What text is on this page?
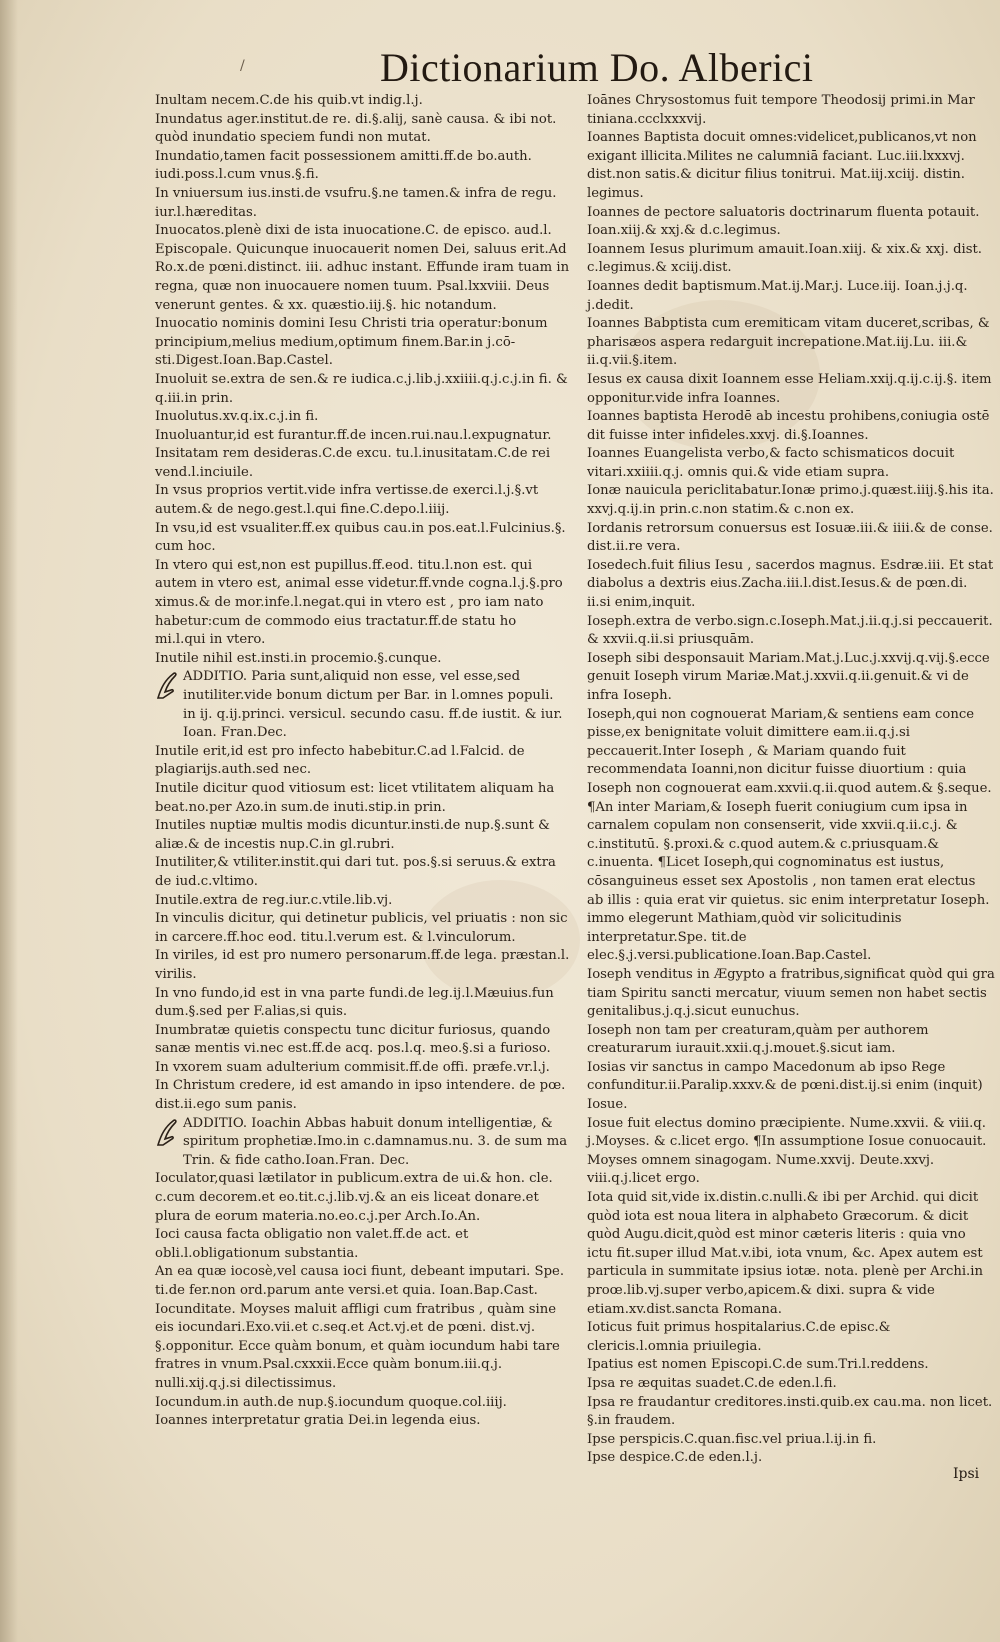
/	Dictionarium Do. Alberici

Inultam necem.C.de his quib.vt indig.l.j.

Inundatus ager.institut.de re. di.§.alij, sanè causa. & ibi not. quòd inundatio speciem fundi non mutat.

Inundatio,tamen facit possessionem amitti.ff.de bo.auth. iudi.poss.l.cum vnus.§.fi.

In vniuersum ius.insti.de vsufru.§.ne tamen.& infra de regu. iur.l.hæreditas.

Inuocatos.plenè dixi de ista inuocatione.C. de episco. aud.l. Episcopale. Quicunque inuocauerit nomen Dei, saluus erit.Ad Ro.x.de pœni.distinct. iii. adhuc instant. Effunde iram tuam in regna, quæ non inuocauere nomen tuum. Psal.lxxviii. Deus venerunt gentes. & xx. quæstio.iij.§. hic notandum.

Inuocatio nominis domini Iesu Christi tria operatur:bonum principium,melius medium,optimum finem.Bar.in j.cō-sti.Digest.Ioan.Bap.Castel.

Inuoluit se.extra de sen.& re iudica.c.j.lib.j.xxiiii.q.j.c.j.in fi. & q.iii.in prin.

Inuolutus.xv.q.ix.c.j.in fi.

Inuoluantur,id est furantur.ff.de incen.rui.nau.l.expugnatur.

Insitatam rem desideras.C.de excu. tu.l.inusitatam.C.de rei vend.l.inciuile.

In vsus proprios vertit.vide infra vertisse.de exerci.l.j.§.vt autem.& de nego.gest.l.qui fine.C.depo.l.iiij.

In vsu,id est vsualiter.ff.ex quibus cau.in pos.eat.l.Fulcinius.§. cum hoc.

In vtero qui est,non est pupillus.ff.eod. titu.l.non est. qui autem in vtero est, animal esse videtur.ff.vnde cogna.l.j.§.pro ximus.& de mor.infe.l.negat.qui in vtero est , pro iam nato habetur:cum de commodo eius tractatur.ff.de statu ho mi.l.qui in vtero.

Inutile nihil est.insti.in procemio.§.cunque.

ADDITIO. Paria sunt,aliquid non esse, vel esse,sed inutiliter.vide bonum dictum per Bar. in l.omnes populi. in ij. q.ij.princi. versicul. secundo casu. ff.de iustit. & iur. Ioan. Fran.Dec.

Inutile erit,id est pro infecto habebitur.C.ad l.Falcid. de plagiarijs.auth.sed nec.

Inutile dicitur quod vitiosum est: licet vtilitatem aliquam ha beat.no.per Azo.in sum.de inuti.stip.in prin.

Inutiles nuptiæ multis modis dicuntur.insti.de nup.§.sunt & aliæ.& de incestis nup.C.in gl.rubri.

Inutiliter,& vtiliter.instit.qui dari tut. pos.§.si seruus.& extra de iud.c.vltimo.

Inutile.extra de reg.iur.c.vtile.lib.vj.

In vinculis dicitur, qui detinetur publicis, vel priuatis : non sic in carcere.ff.hoc eod. titu.l.verum est. & l.vinculorum.

In viriles, id est pro numero personarum.ff.de lega. præstan.l. virilis.

In vno fundo,id est in vna parte fundi.de leg.ij.l.Mæuius.fun dum.§.sed per F.alias,si quis.

Inumbratæ quietis conspectu tunc dicitur furiosus, quando sanæ mentis vi.nec est.ff.de acq. pos.l.q. meo.§.si a furioso.

In vxorem suam adulterium commisit.ff.de offi. præfe.vr.l.j.

In Christum credere, id est amando in ipso intendere. de pœ. dist.ii.ego sum panis.

ADDITIO. Ioachin Abbas habuit donum intelligentiæ, & spiritum prophetiæ.Imo.in c.damnamus.nu. 3. de sum ma Trin. & fide catho.Ioan.Fran. Dec.

Ioculator,quasi lætilator in publicum.extra de ui.& hon. cle. c.cum decorem.et eo.tit.c.j.lib.vj.& an eis liceat donare.et plura de eorum materia.no.eo.c.j.per Arch.Io.An.

Ioci causa facta obligatio non valet.ff.de act. et obli.l.obligationum substantia.

An ea quæ iocosè,vel causa ioci fiunt, debeant imputari. Spe. ti.de fer.non ord.parum ante versi.et quia. Ioan.Bap.Cast.

Iocunditate. Moyses maluit affligi cum fratribus , quàm sine eis iocundari.Exo.vii.et c.seq.et Act.vj.et de pœni. dist.vj. §.opponitur. Ecce quàm bonum, et quàm iocundum habi tare fratres in vnum.Psal.cxxxii.Ecce quàm bonum.iii.q.j. nulli.xij.q.j.si dilectissimus.

Iocundum.in auth.de nup.§.iocundum quoque.col.iiij.

Ioannes interpretatur gratia Dei.in legenda eius.

Ioānes Chrysostomus fuit tempore Theodosij primi.in Mar tiniana.ccclxxxvij.

Ioannes Baptista docuit omnes:videlicet,publicanos,vt non exigant illicita.Milites ne calumniā faciant. Luc.iii.lxxxvj. dist.non satis.& dicitur filius tonitrui. Mat.iij.xciij. distin. legimus.

Ioannes de pectore saluatoris doctrinarum fluenta potauit. Ioan.xiij.& xxj.& d.c.legimus.

Ioannem Iesus plurimum amauit.Ioan.xiij. & xix.& xxj. dist. c.legimus.& xciij.dist.

Ioannes dedit baptismum.Mat.ij.Mar.j. Luce.iij. Ioan.j.j.q. j.dedit.

Ioannes Babptista cum eremiticam vitam duceret,scribas, & pharisæos aspera redarguit increpatione.Mat.iij.Lu. iii.& ii.q.vii.§.item.

Iesus ex causa dixit Ioannem esse Heliam.xxij.q.ij.c.ij.§. item opponitur.vide infra Ioannes.

Ioannes baptista Herodē ab incestu prohibens,coniugia ostē dit fuisse inter infideles.xxvj. di.§.Ioannes.

Ioannes Euangelista verbo,& facto schismaticos docuit vitari.xxiiii.q.j. omnis qui.& vide etiam supra.

Ionæ nauicula periclitabatur.Ionæ primo.j.quæst.iiij.§.his ita. xxvj.q.ij.in prin.c.non statim.& c.non ex.

Iordanis retrorsum conuersus est Iosuæ.iii.& iiii.& de conse. dist.ii.re vera.

Iosedech.fuit filius Iesu , sacerdos magnus. Esdræ.iii. Et stat diabolus a dextris eius.Zacha.iii.l.dist.Iesus.& de pœn.di. ii.si enim,inquit.

Ioseph.extra de verbo.sign.c.Ioseph.Mat.j.ii.q.j.si peccauerit. & xxvii.q.ii.si priusquām.

Ioseph sibi desponsauit Mariam.Mat.j.Luc.j.xxvij.q.vij.§.ecce genuit Ioseph virum Mariæ.Mat.j.xxvii.q.ii.genuit.& vi de infra Ioseph.

Ioseph,qui non cognouerat Mariam,& sentiens eam conce pisse,ex benignitate voluit dimittere eam.ii.q.j.si peccauerit.Inter Ioseph , & Mariam quando fuit recommendata Ioanni,non dicitur fuisse diuortium : quia Ioseph non cognouerat eam.xxvii.q.ii.quod autem.& §.seque. ¶An inter Mariam,& Ioseph fuerit coniugium cum ipsa in carnalem copulam non consenserit, vide xxvii.q.ii.c.j. & c.institutū. §.proxi.& c.quod autem.& c.priusquam.& c.inuenta. ¶Licet Ioseph,qui cognominatus est iustus, cōsanguineus esset sex Apostolis , non tamen erat electus ab illis : quia erat vir quietus. sic enim interpretatur Ioseph. immo elegerunt Mathiam,quòd vir solicitudinis interpretatur.Spe. tit.de elec.§.j.versi.publicatione.Ioan.Bap.Castel.

Ioseph venditus in Ægypto a fratribus,significat quòd qui gra tiam Spiritu sancti mercatur, viuum semen non habet sectis genitalibus.j.q.j.sicut eunuchus.

Ioseph non tam per creaturam,quàm per authorem creaturarum iurauit.xxii.q.j.mouet.§.sicut iam.

Iosias vir sanctus in campo Macedonum ab ipso Rege confunditur.ii.Paralip.xxxv.& de pœni.dist.ij.si enim (inquit) Iosue.

Iosue fuit electus domino præcipiente. Nume.xxvii. & viii.q. j.Moyses. & c.licet ergo. ¶In assumptione Iosue conuocauit. Moyses omnem sinagogam. Nume.xxvij. Deute.xxvj. viii.q.j.licet ergo.

Iota quid sit,vide ix.distin.c.nulli.& ibi per Archid. qui dicit quòd iota est noua litera in alphabeto Græcorum. & dicit quòd Augu.dicit,quòd est minor cæteris literis : quia vno ictu fit.super illud Mat.v.ibi, iota vnum, &c. Apex autem est particula in summitate ipsius iotæ. nota. plenè per Archi.in proœ.lib.vj.super verbo,apicem.& dixi. supra & vide etiam.xv.dist.sancta Romana.

Ioticus fuit primus hospitalarius.C.de episc.& clericis.l.omnia priuilegia.

Ipatius est nomen Episcopi.C.de sum.Tri.l.reddens.

Ipsa re æquitas suadet.C.de eden.l.fi.

Ipsa re fraudantur creditores.insti.quib.ex cau.ma. non licet. §.in fraudem.

Ipse perspicis.C.quan.fisc.vel priua.l.ij.in fi.

Ipse despice.C.de eden.l.j.

Ipsi
